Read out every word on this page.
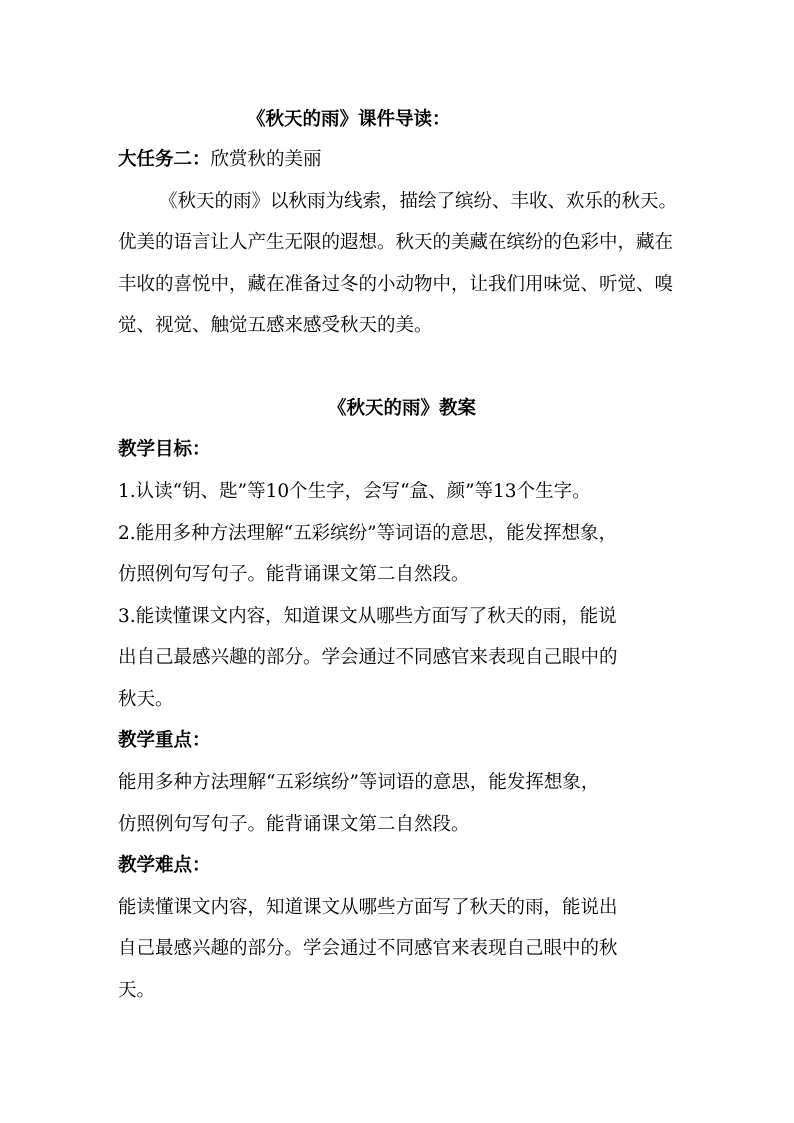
《秋天的雨》课件导读：
大任务二：欣赏秋的美丽
《秋天的雨》以秋雨为线索，描绘了缤纷、丰收、欢乐的秋天。
优美的语言让人产生无限的遐想。秋天的美藏在缤纷的色彩中，藏在
丰收的喜悦中，藏在准备过冬的小动物中，让我们用味觉、听觉、嗅
觉、视觉、触觉五感来感受秋天的美。
《秋天的雨》教案
教学目标：
1.认读“钥、匙”等10个生字，会写“盒、颜”等13个生字。
2.能用多种方法理解“五彩缤纷”等词语的意思，能发挥想象，
仿照例句写句子。能背诵课文第二自然段。
3.能读懂课文内容，知道课文从哪些方面写了秋天的雨，能说
出自己最感兴趣的部分。学会通过不同感官来表现自己眼中的
秋天。
教学重点：
能用多种方法理解“五彩缤纷”等词语的意思，能发挥想象，
仿照例句写句子。能背诵课文第二自然段。
教学难点：
能读懂课文内容，知道课文从哪些方面写了秋天的雨，能说出
自己最感兴趣的部分。学会通过不同感官来表现自己眼中的秋
天。
